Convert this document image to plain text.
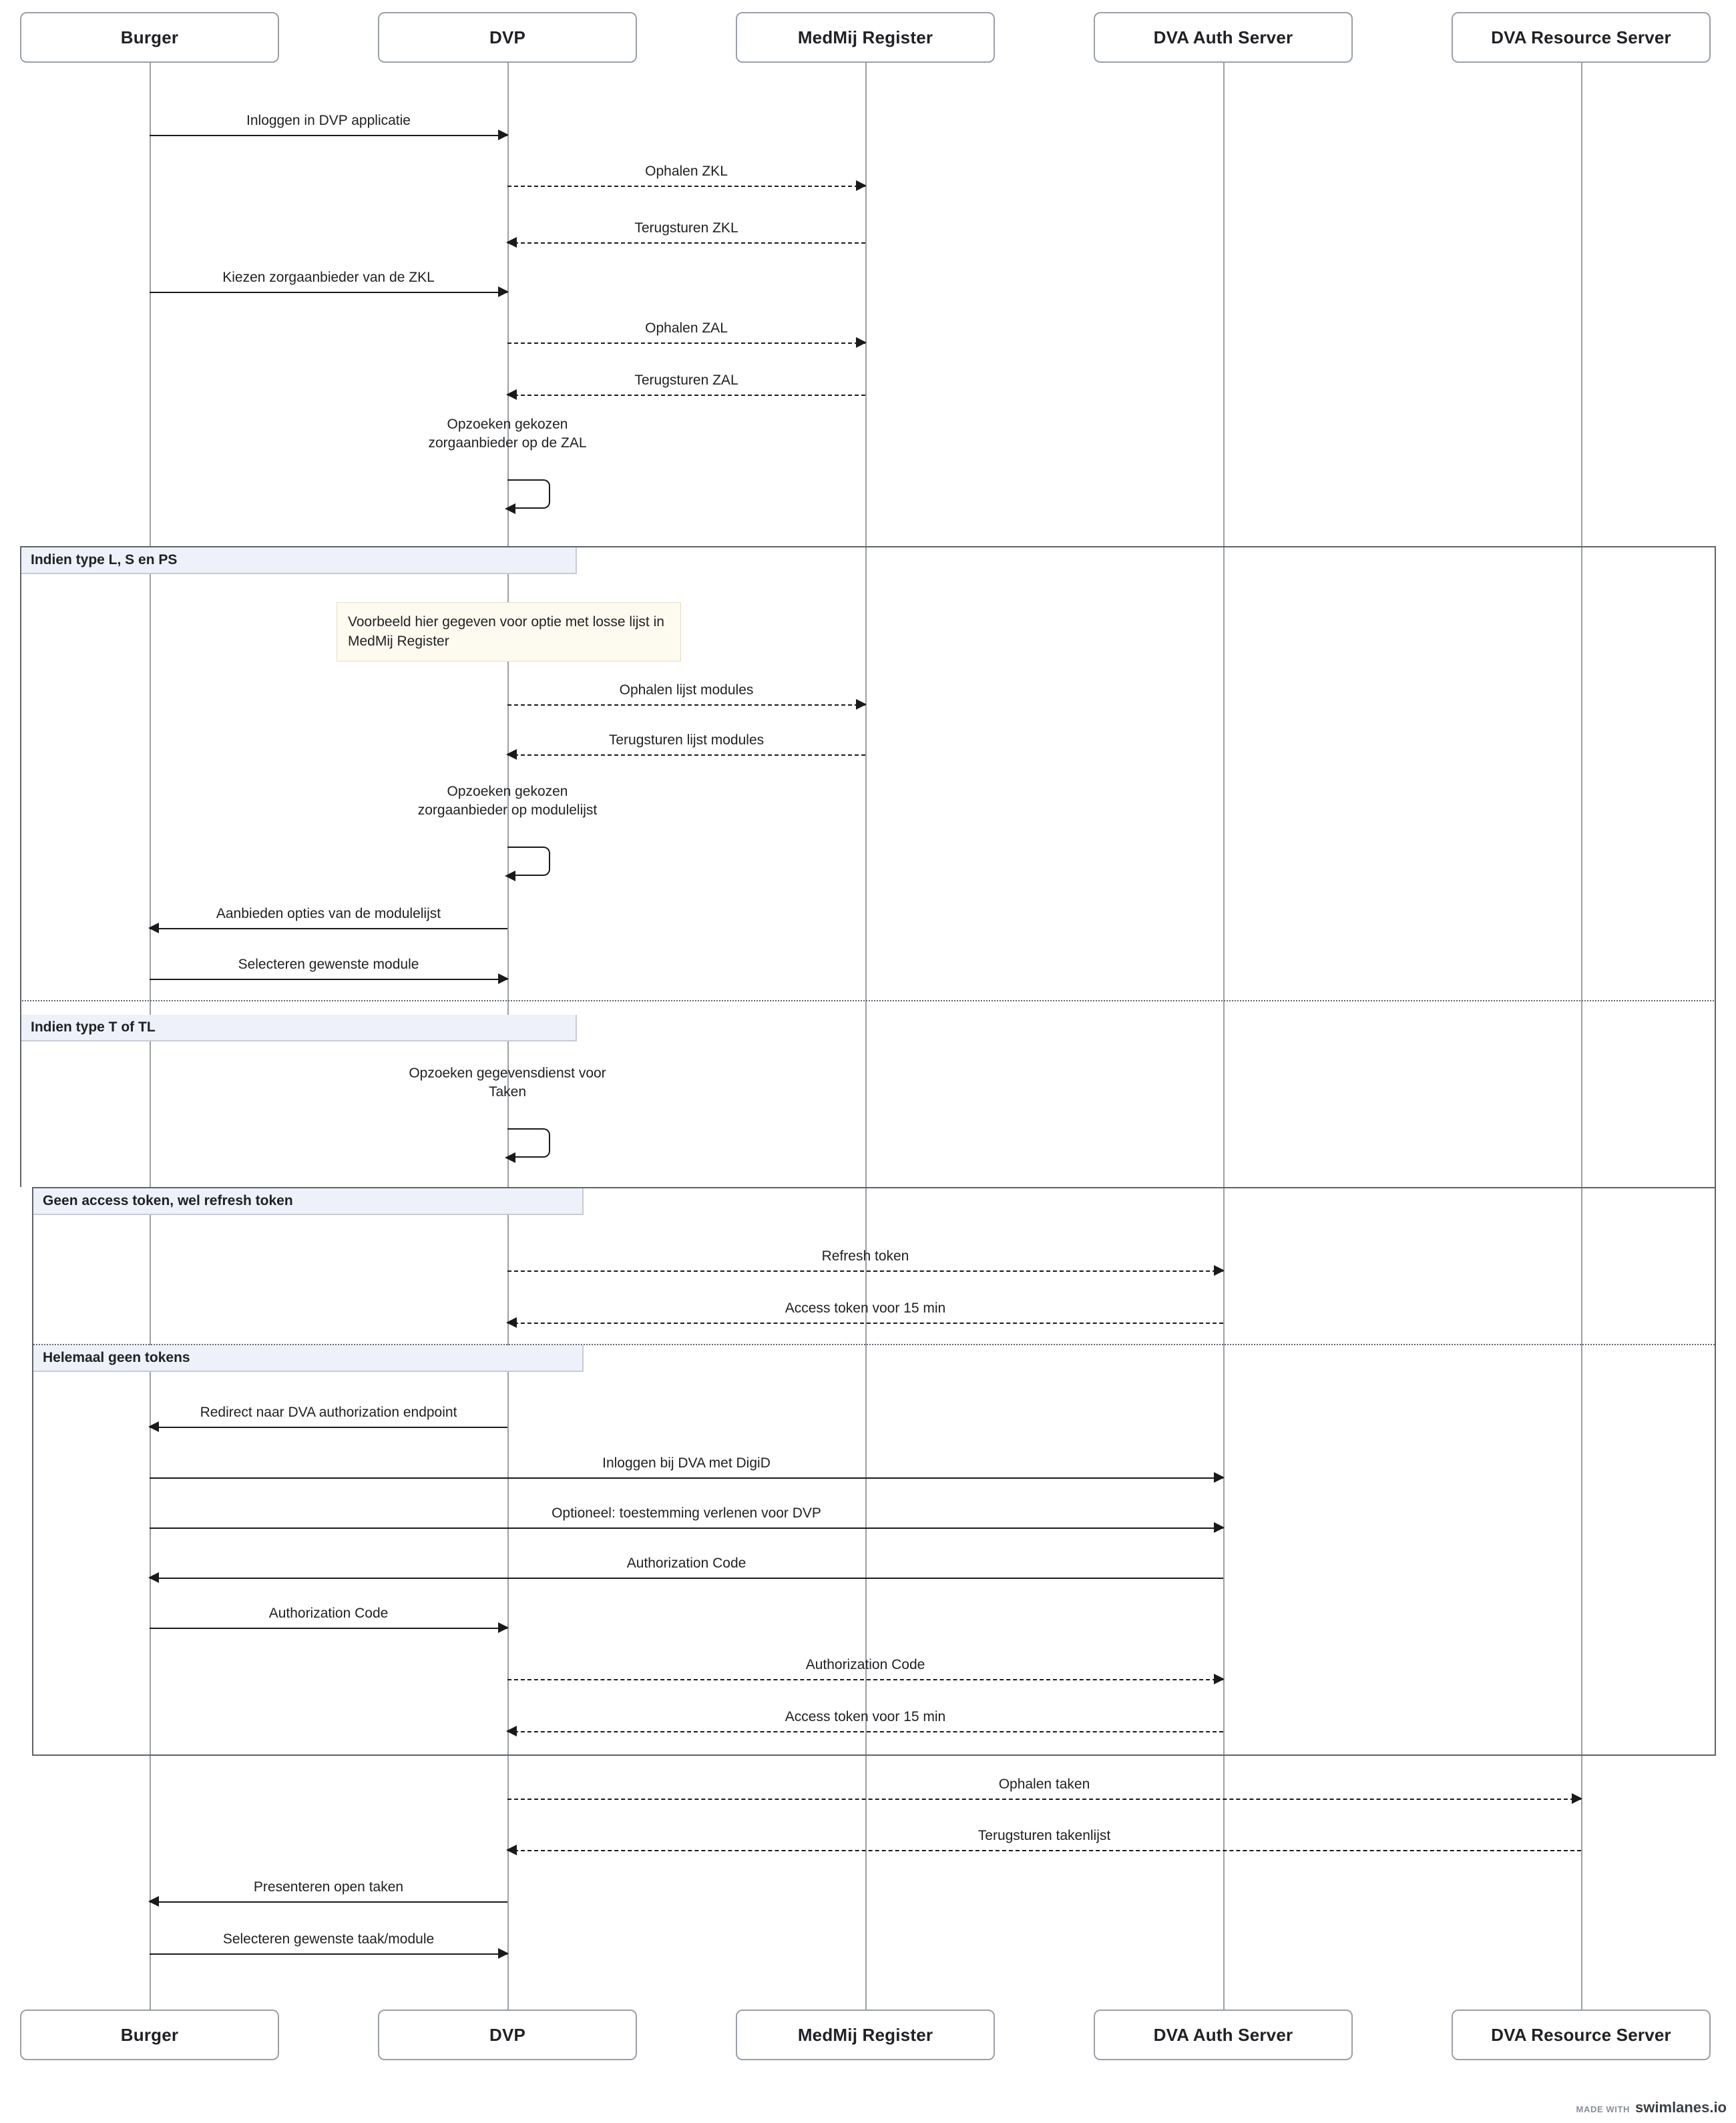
Burger	DVP	MedMij Register	DVA Auth Server	DVA Resource Server
Inloggen in DVP applicatie
Ophalen ZKL
Terugsturen ZKL
Kiezen zorgaanbieder van de ZKL
Ophalen ZAL
Terugsturen ZAL
Opzoeken gekozen zorgaanbieder op de ZAL
Indien type L, S en PS
Voorbeeld hier gegeven voor optie met losse lijst in MedMij Register
Ophalen lijst modules
Terugsturen lijst modules
Opzoeken gekozen zorgaanbieder op modulelijst
Aanbieden opties van de modulelijst
Selecteren gewenste module
Indien type T of TL
Opzoeken gegevensdienst voor Taken
Geen access token, wel refresh token
Refresh token
Access token voor 15 min
Helemaal geen tokens
Redirect naar DVA authorization endpoint
Inloggen bij DVA met DigiD
Optioneel: toestemming verlenen voor DVP
Authorization Code
Authorization Code
Authorization Code
Access token voor 15 min
Ophalen taken
Terugsturen takenlijst
Presenteren open taken
Selecteren gewenste taak/module
Burger	DVP	MedMij Register	DVA Auth Server	DVA Resource Server
MADE WITH swimlanes.io
